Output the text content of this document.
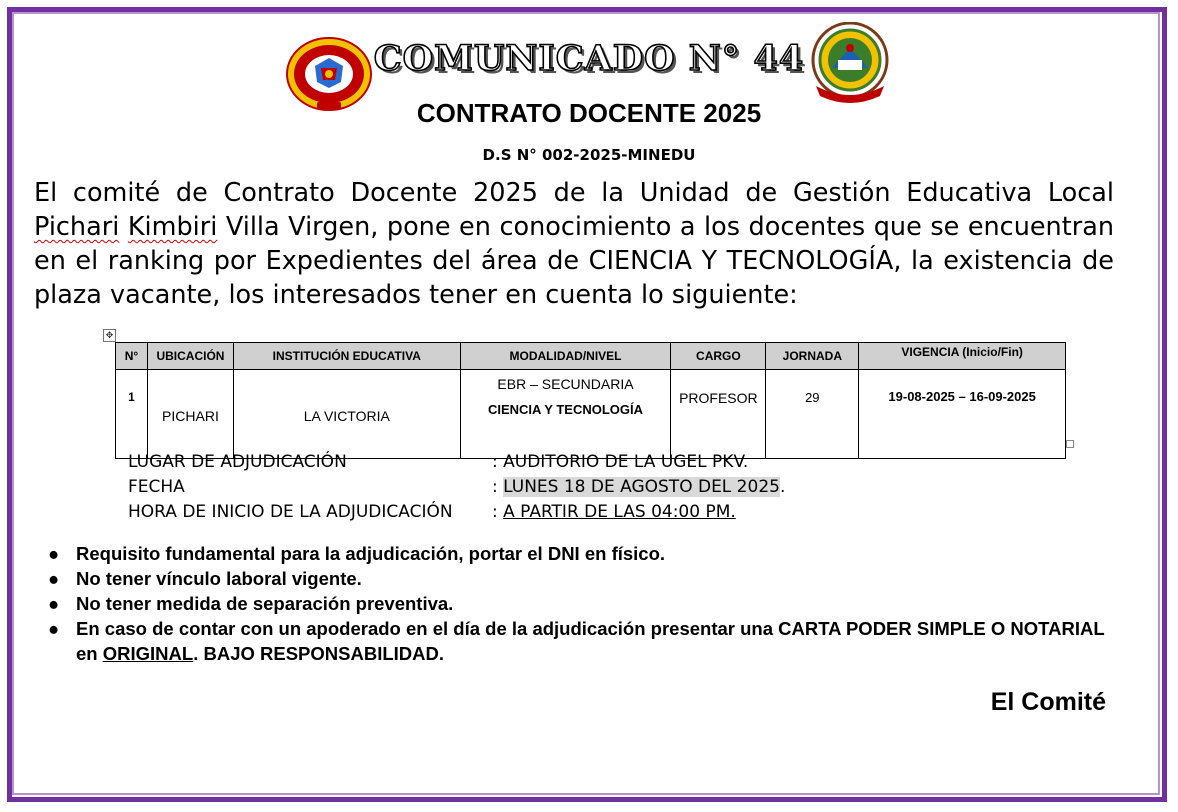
COMUNICADO N° 44
CONTRATO DOCENTE 2025
D.S N° 002-2025-MINEDU
El comité de Contrato Docente 2025 de la Unidad de Gestión Educativa Local Pichari Kimbiri Villa Virgen, pone en conocimiento a los docentes que se encuentran en el ranking por Expedientes del área de CIENCIA Y TECNOLOGÍA, la existencia de plaza vacante, los interesados tener en cuenta lo siguiente:
✥
N°	UBICACIÓN	INSTITUCIÓN EDUCATIVA	MODALIDAD/NIVEL	CARGO	JORNADA	VIGENCIA (Inicio/Fin)
1	PICHARI	LA VICTORIA	EBR – SECUNDARIA
CIENCIA Y TECNOLOGÍA	PROFESOR	29	19-08-2025 – 16-09-2025
LUGAR DE ADJUDICACIÓN	: AUDITORIO DE LA UGEL PKV.
FECHA	: LUNES 18 DE AGOSTO DEL 2025.
HORA DE INICIO DE LA ADJUDICACIÓN : A PARTIR DE LAS 04:00 PM.
● Requisito fundamental para la adjudicación, portar el DNI en físico.
● No tener vínculo laboral vigente.
● No tener medida de separación preventiva.
● En caso de contar con un apoderado en el día de la adjudicación presentar una CARTA PODER SIMPLE O NOTARIAL en ORIGINAL. BAJO RESPONSABILIDAD.
El Comité
